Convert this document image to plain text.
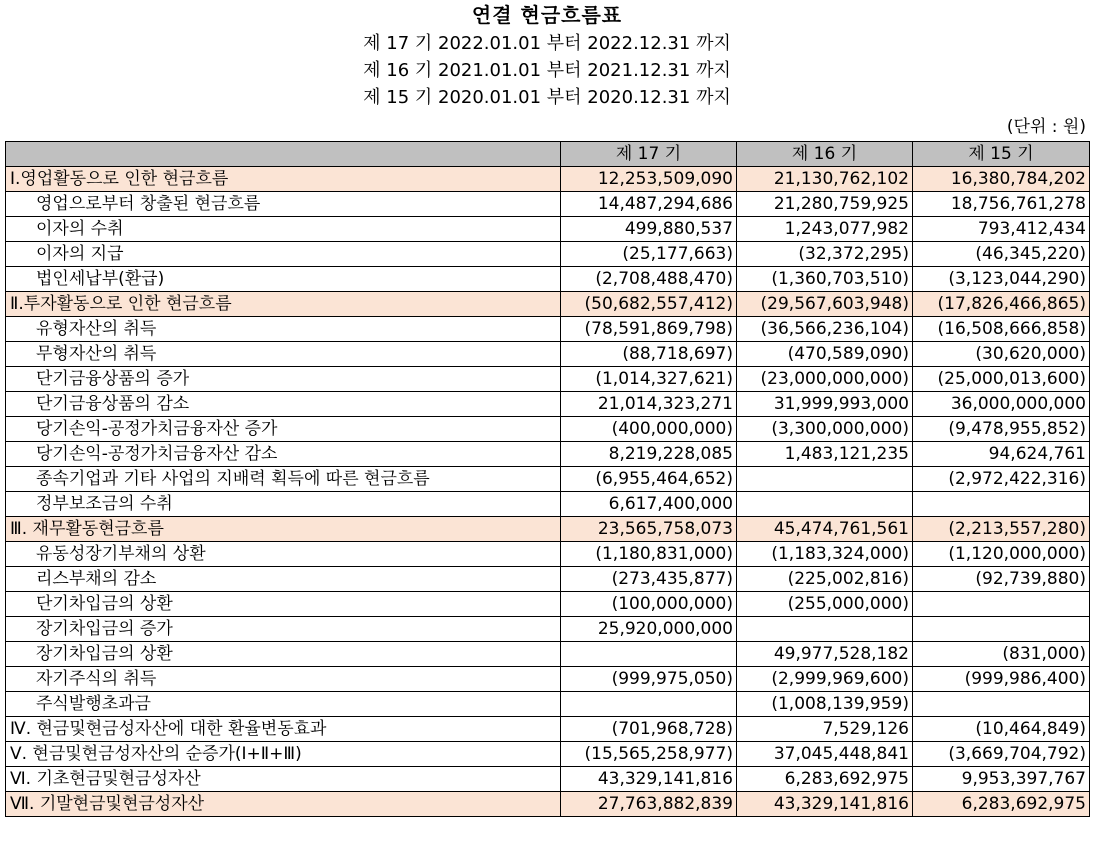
연결 현금흐름표
제 17 기 2022.01.01 부터 2022.12.31 까지
제 16 기 2021.01.01 부터 2021.12.31 까지
제 15 기 2020.01.01 부터 2020.12.31 까지
(단위 : 원)
	제 17 기	제 16 기	제 15 기
Ⅰ.영업활동으로 인한 현금흐름	12,253,509,090	21,130,762,102	16,380,784,202
영업으로부터 창출된 현금흐름	14,487,294,686	21,280,759,925	18,756,761,278
이자의 수취	499,880,537	1,243,077,982	793,412,434
이자의 지급	(25,177,663)	(32,372,295)	(46,345,220)
법인세납부(환급)	(2,708,488,470)	(1,360,703,510)	(3,123,044,290)
Ⅱ.투자활동으로 인한 현금흐름	(50,682,557,412)	(29,567,603,948)	(17,826,466,865)
유형자산의 취득	(78,591,869,798)	(36,566,236,104)	(16,508,666,858)
무형자산의 취득	(88,718,697)	(470,589,090)	(30,620,000)
단기금융상품의 증가	(1,014,327,621)	(23,000,000,000)	(25,000,013,600)
단기금융상품의 감소	21,014,323,271	31,999,993,000	36,000,000,000
당기손익-공정가치금융자산 증가	(400,000,000)	(3,300,000,000)	(9,478,955,852)
당기손익-공정가치금융자산 감소	8,219,228,085	1,483,121,235	94,624,761
종속기업과 기타 사업의 지배력 획득에 따른 현금흐름	(6,955,464,652)		(2,972,422,316)
정부보조금의 수취	6,617,400,000		
Ⅲ. 재무활동현금흐름	23,565,758,073	45,474,761,561	(2,213,557,280)
유동성장기부채의 상환	(1,180,831,000)	(1,183,324,000)	(1,120,000,000)
리스부채의 감소	(273,435,877)	(225,002,816)	(92,739,880)
단기차입금의 상환	(100,000,000)	(255,000,000)	
장기차입금의 증가	25,920,000,000		
장기차입금의 상환		49,977,528,182	(831,000)
자기주식의 취득	(999,975,050)	(2,999,969,600)	(999,986,400)
주식발행초과금		(1,008,139,959)	
Ⅳ. 현금및현금성자산에 대한 환율변동효과	(701,968,728)	7,529,126	(10,464,849)
Ⅴ. 현금및현금성자산의 순증가(Ⅰ+Ⅱ+Ⅲ)	(15,565,258,977)	37,045,448,841	(3,669,704,792)
Ⅵ. 기초현금및현금성자산	43,329,141,816	6,283,692,975	9,953,397,767
Ⅶ. 기말현금및현금성자산	27,763,882,839	43,329,141,816	6,283,692,975
